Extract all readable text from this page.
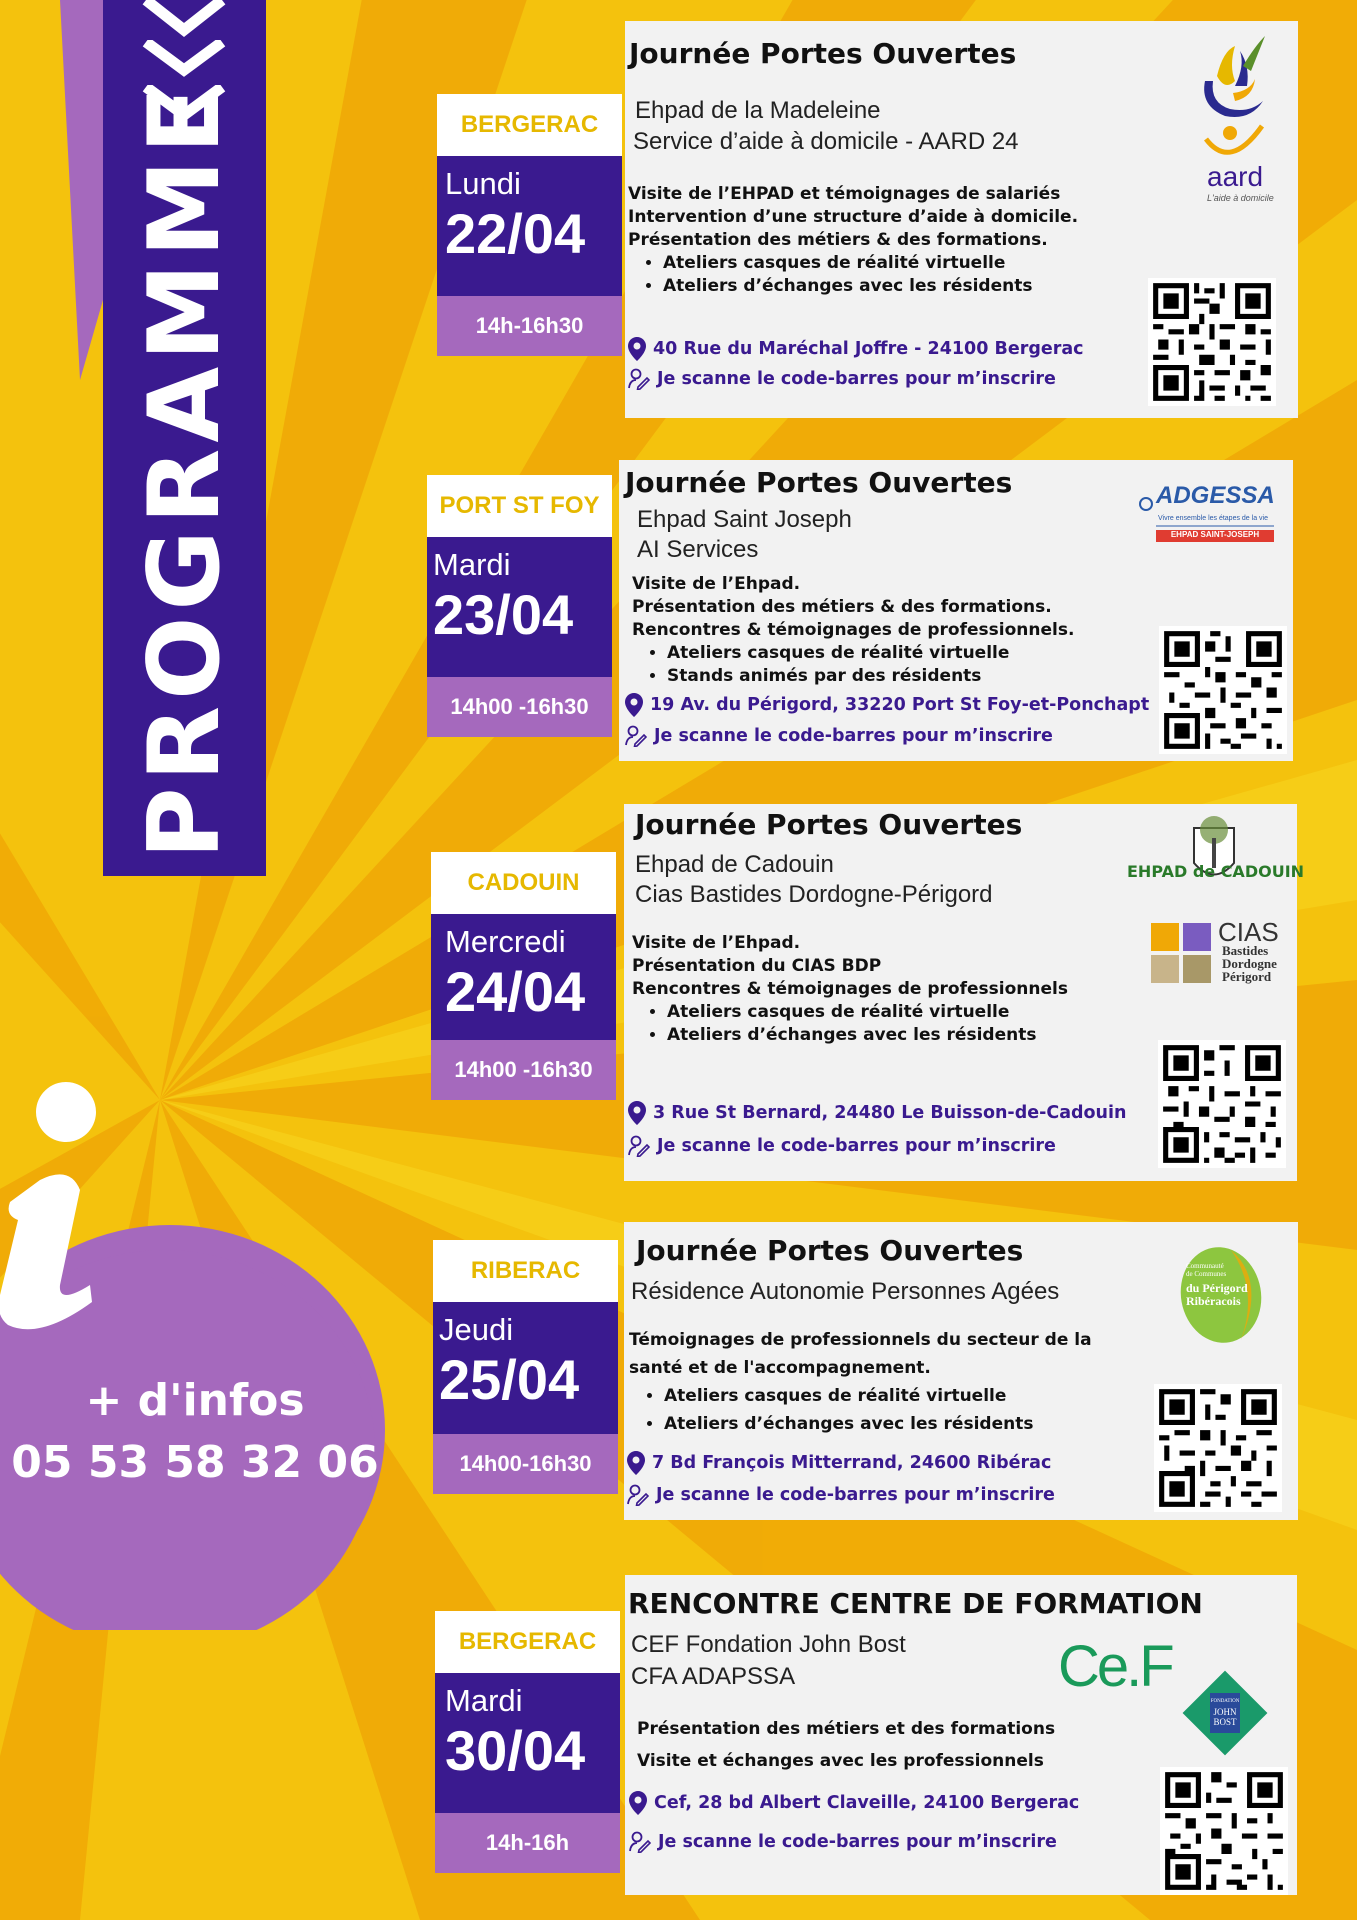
PROGRAMME
+ d'infos
05 53 58 32 06
BERGERAC
Lundi
22/04
14h-16h30
Journée Portes Ouvertes
Ehpad de la Madeleine
Service d’aide à domicile - AARD 24

Visite de l’EHPAD et témoignages de salariés

Intervention d’une structure d’aide à domicile.

Présentation des métiers & des formations.

• Ateliers casques de réalité virtuelle
• Ateliers d’échanges avec les résidents
40 Rue du Maréchal Joffre - 24100 Bergerac
Je scanne le code-barres pour m’inscrire
aard
L'aide à domicile
PORT ST FOY
Mardi
23/04
14h00 -16h30
Journée Portes Ouvertes
Ehpad Saint Joseph
AI Services

Visite de l’Ehpad.

Présentation des métiers & des formations.

Rencontres & témoignages de professionnels.

• Ateliers casques de réalité virtuelle
• Stands animés par des résidents
19 Av. du Périgord, 33220 Port St Foy-et-Ponchapt
Je scanne le code-barres pour m’inscrire
ADGESSA
Vivre ensemble les étapes de la vie
EHPAD SAINT-JOSEPH
CADOUIN
Mercredi
24/04
14h00 -16h30
Journée Portes Ouvertes
Ehpad de Cadouin
Cias Bastides Dordogne-Périgord

Visite de l’Ehpad.

Présentation du CIAS BDP

Rencontres & témoignages de professionnels

• Ateliers casques de réalité virtuelle
• Ateliers d’échanges avec les résidents
3 Rue St Bernard, 24480 Le Buisson-de-Cadouin
Je scanne le code-barres pour m’inscrire
EHPAD de CADOUIN
CIAS
Bastides
Dordogne
Périgord
RIBERAC
Jeudi
25/04
14h00-16h30
Journée Portes Ouvertes
Résidence Autonomie Personnes Agées

Témoignages de professionnels du secteur de la

santé et de l'accompagnement.

• Ateliers casques de réalité virtuelle
• Ateliers d’échanges avec les résidents
7 Bd François Mitterrand, 24600 Ribérac
Je scanne le code-barres pour m’inscrire
Communauté
de Communes
du Périgord
Ribéracois
BERGERAC
Mardi
30/04
14h-16h
RENCONTRE CENTRE DE FORMATION
CEF Fondation John Bost
CFA ADAPSSA

Présentation des métiers et des formations

Visite et échanges avec les professionnels

Cef, 28 bd Albert Claveille, 24100 Bergerac
Je scanne le code-barres pour m’inscrire
Ce.F
FONDATION
JOHN
BOST
